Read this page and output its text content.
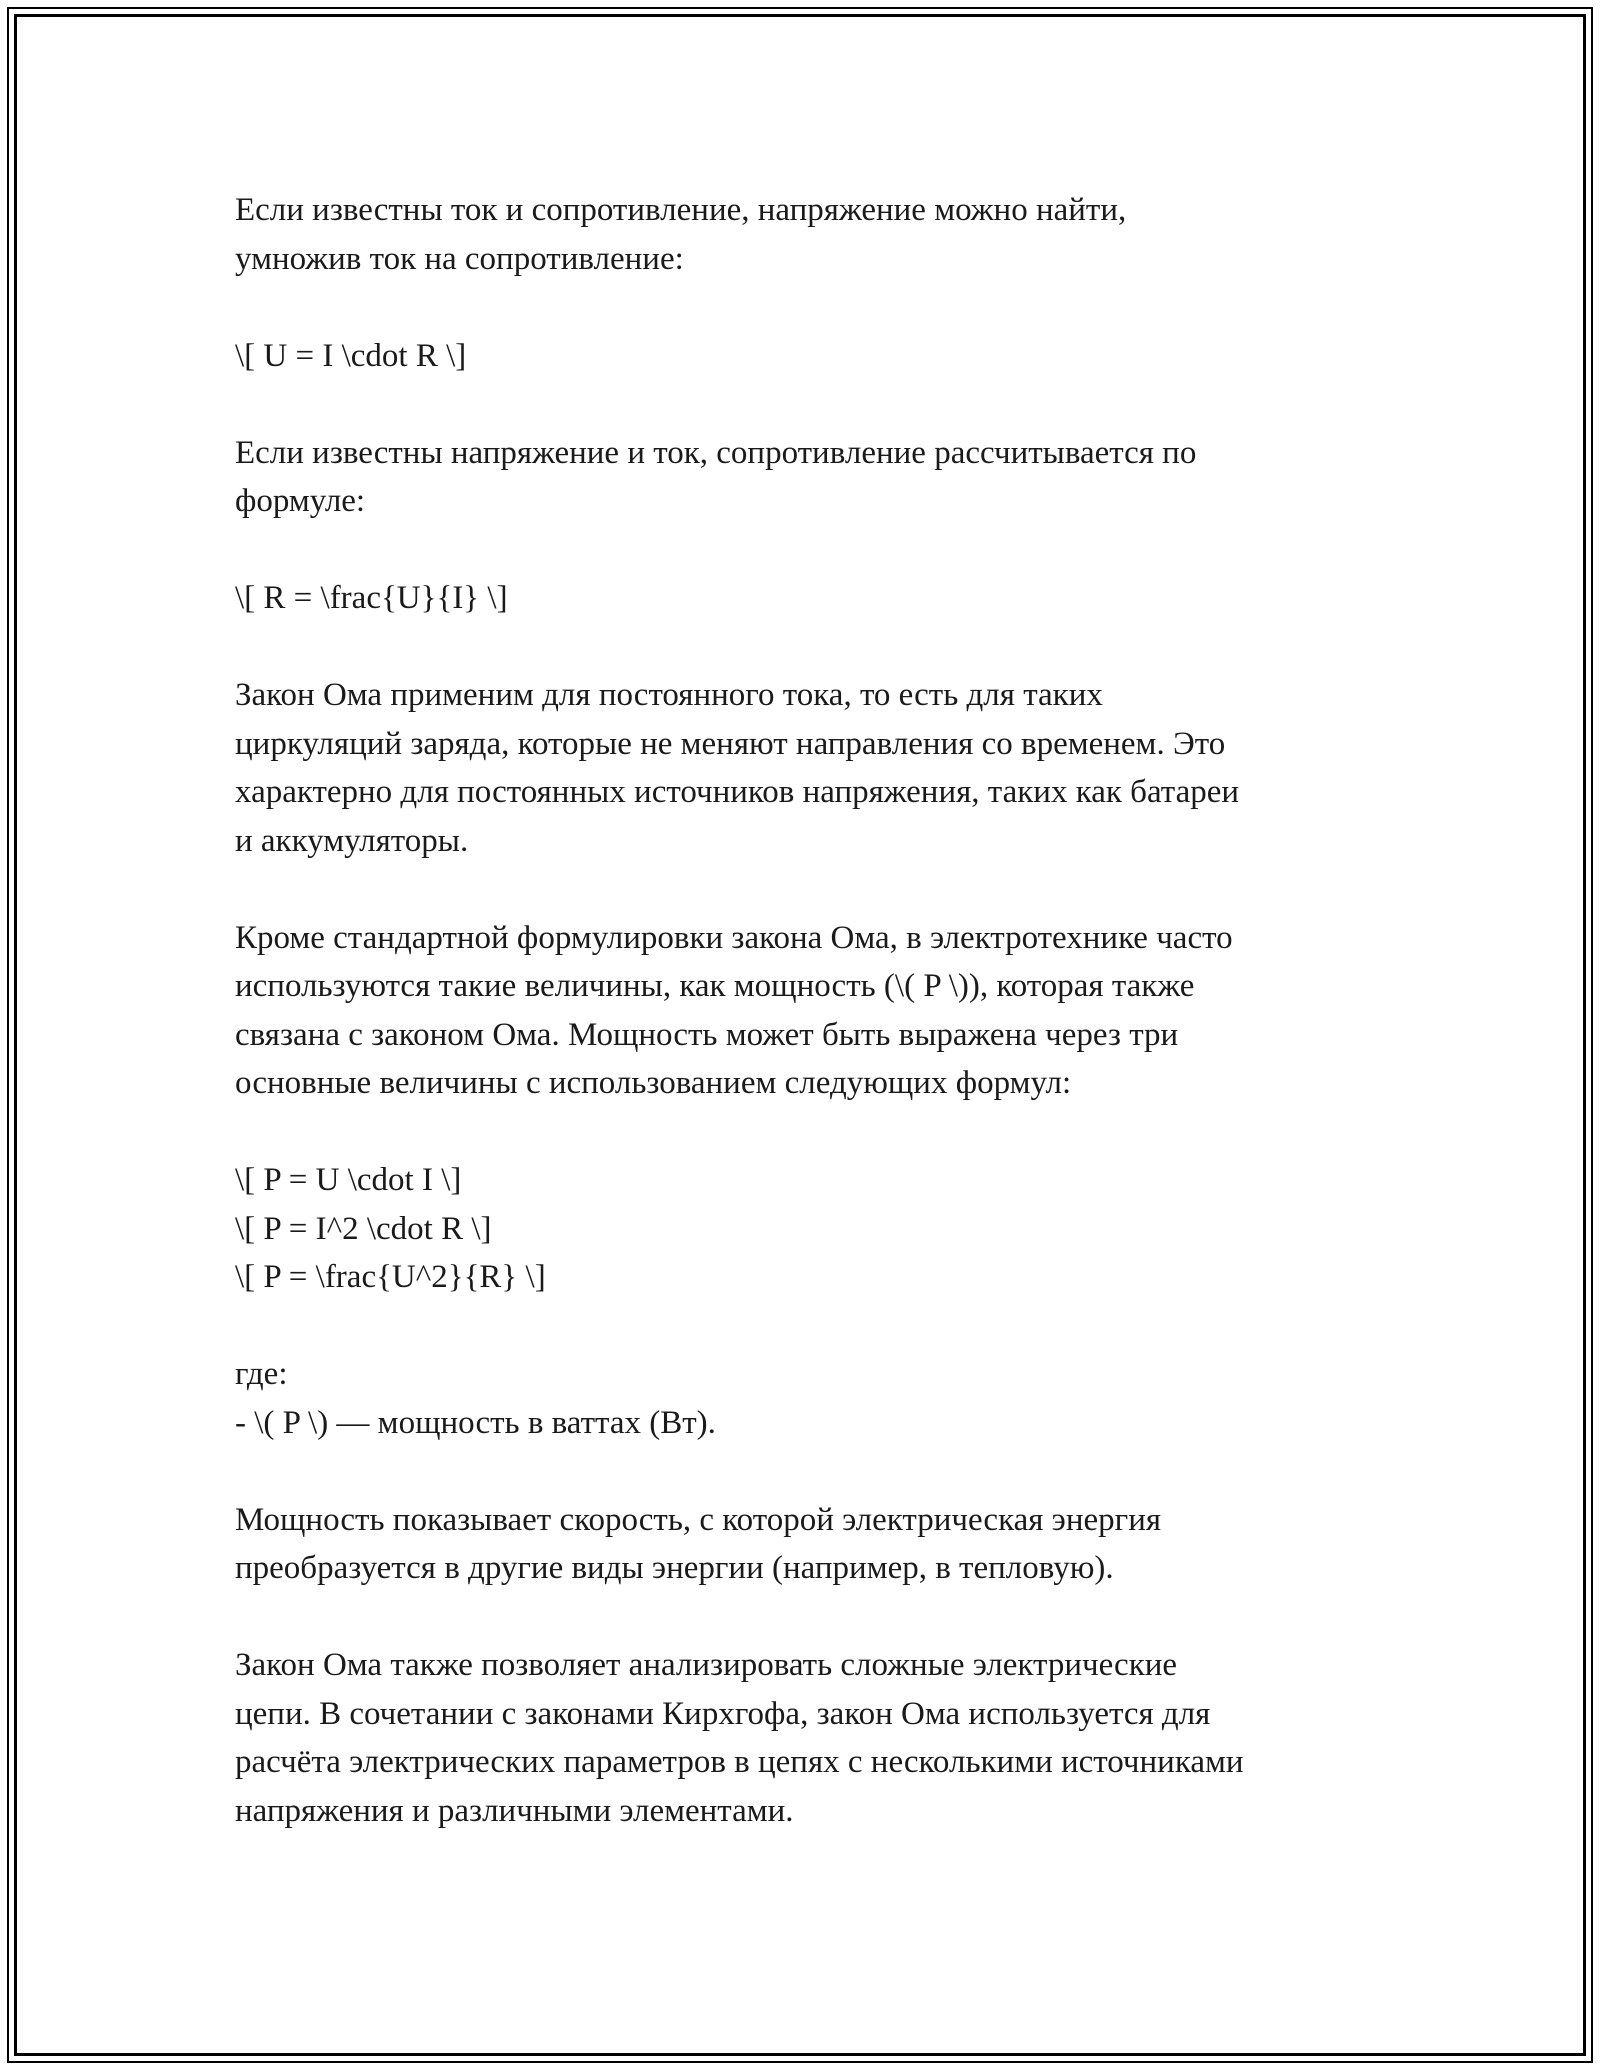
Если известны ток и сопротивление, напряжение можно найти,
умножив ток на сопротивление:

\[ U = I \cdot R \]

Если известны напряжение и ток, сопротивление рассчитывается по
формуле:

\[ R = \frac{U}{I} \]

Закон Ома применим для постоянного тока, то есть для таких
циркуляций заряда, которые не меняют направления со временем. Это
характерно для постоянных источников напряжения, таких как батареи
и аккумуляторы.

Кроме стандартной формулировки закона Ома, в электротехнике часто
используются такие величины, как мощность (\( P \)), которая также
связана с законом Ома. Мощность может быть выражена через три
основные величины с использованием следующих формул:

\[ P = U \cdot I \]
\[ P = I^2 \cdot R \]
\[ P = \frac{U^2}{R} \]

где:
- \( P \) — мощность в ваттах (Вт).

Мощность показывает скорость, с которой электрическая энергия
преобразуется в другие виды энергии (например, в тепловую).

Закон Ома также позволяет анализировать сложные электрические
цепи. В сочетании с законами Кирхгофа, закон Ома используется для
расчёта электрических параметров в цепях с несколькими источниками
напряжения и различными элементами.
